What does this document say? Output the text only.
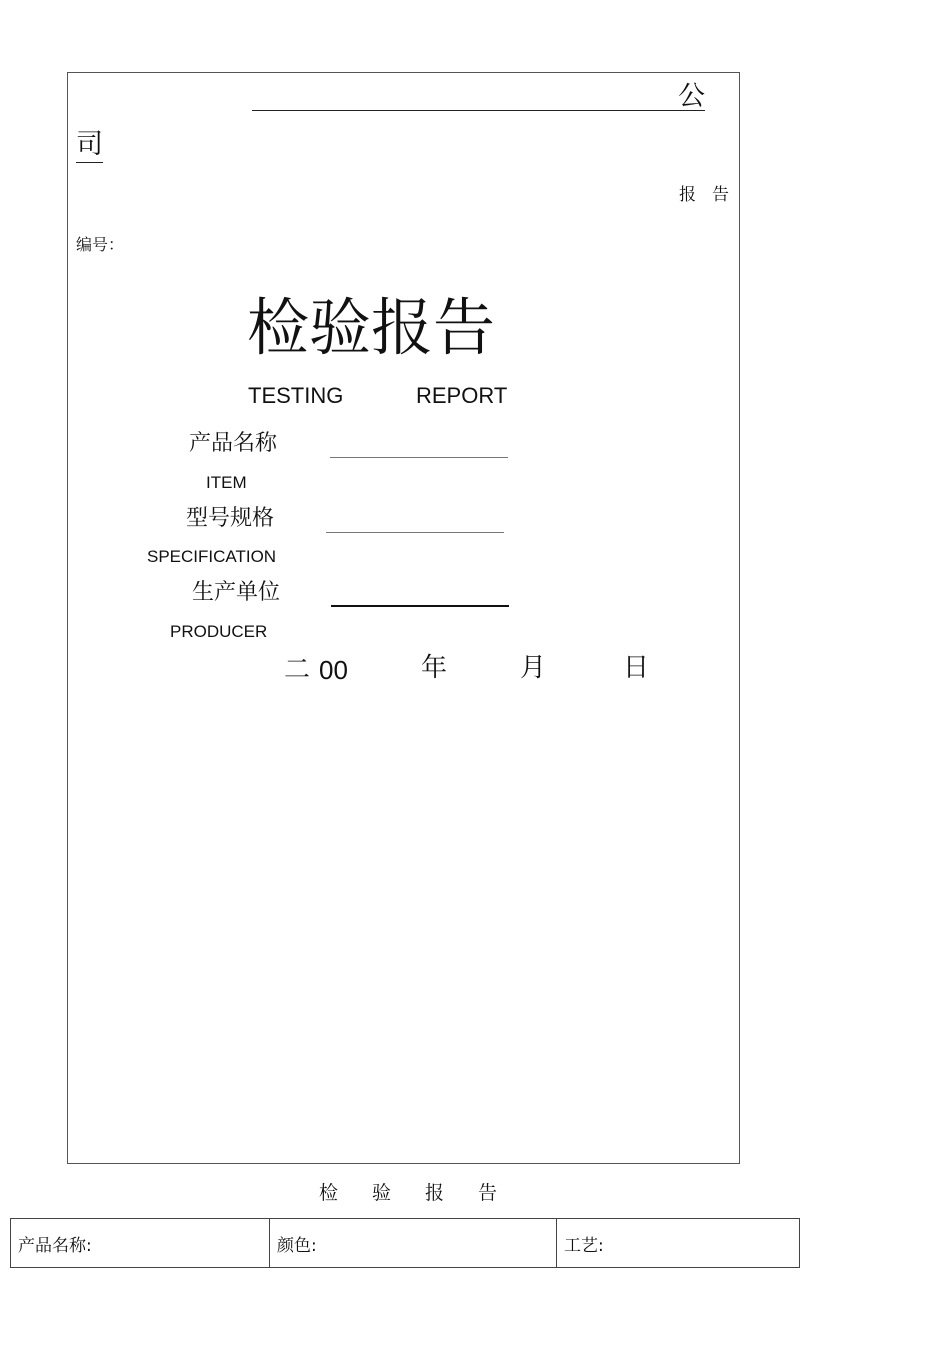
公
司
报告
编号：
检验报告
TESTING	REPORT
产品名称
ITEM
型号规格
SPECIFICATION
生产单位
PRODUCER
二 00	年	月	日
检 验 报 告
产品名称:	颜色:	工艺:
